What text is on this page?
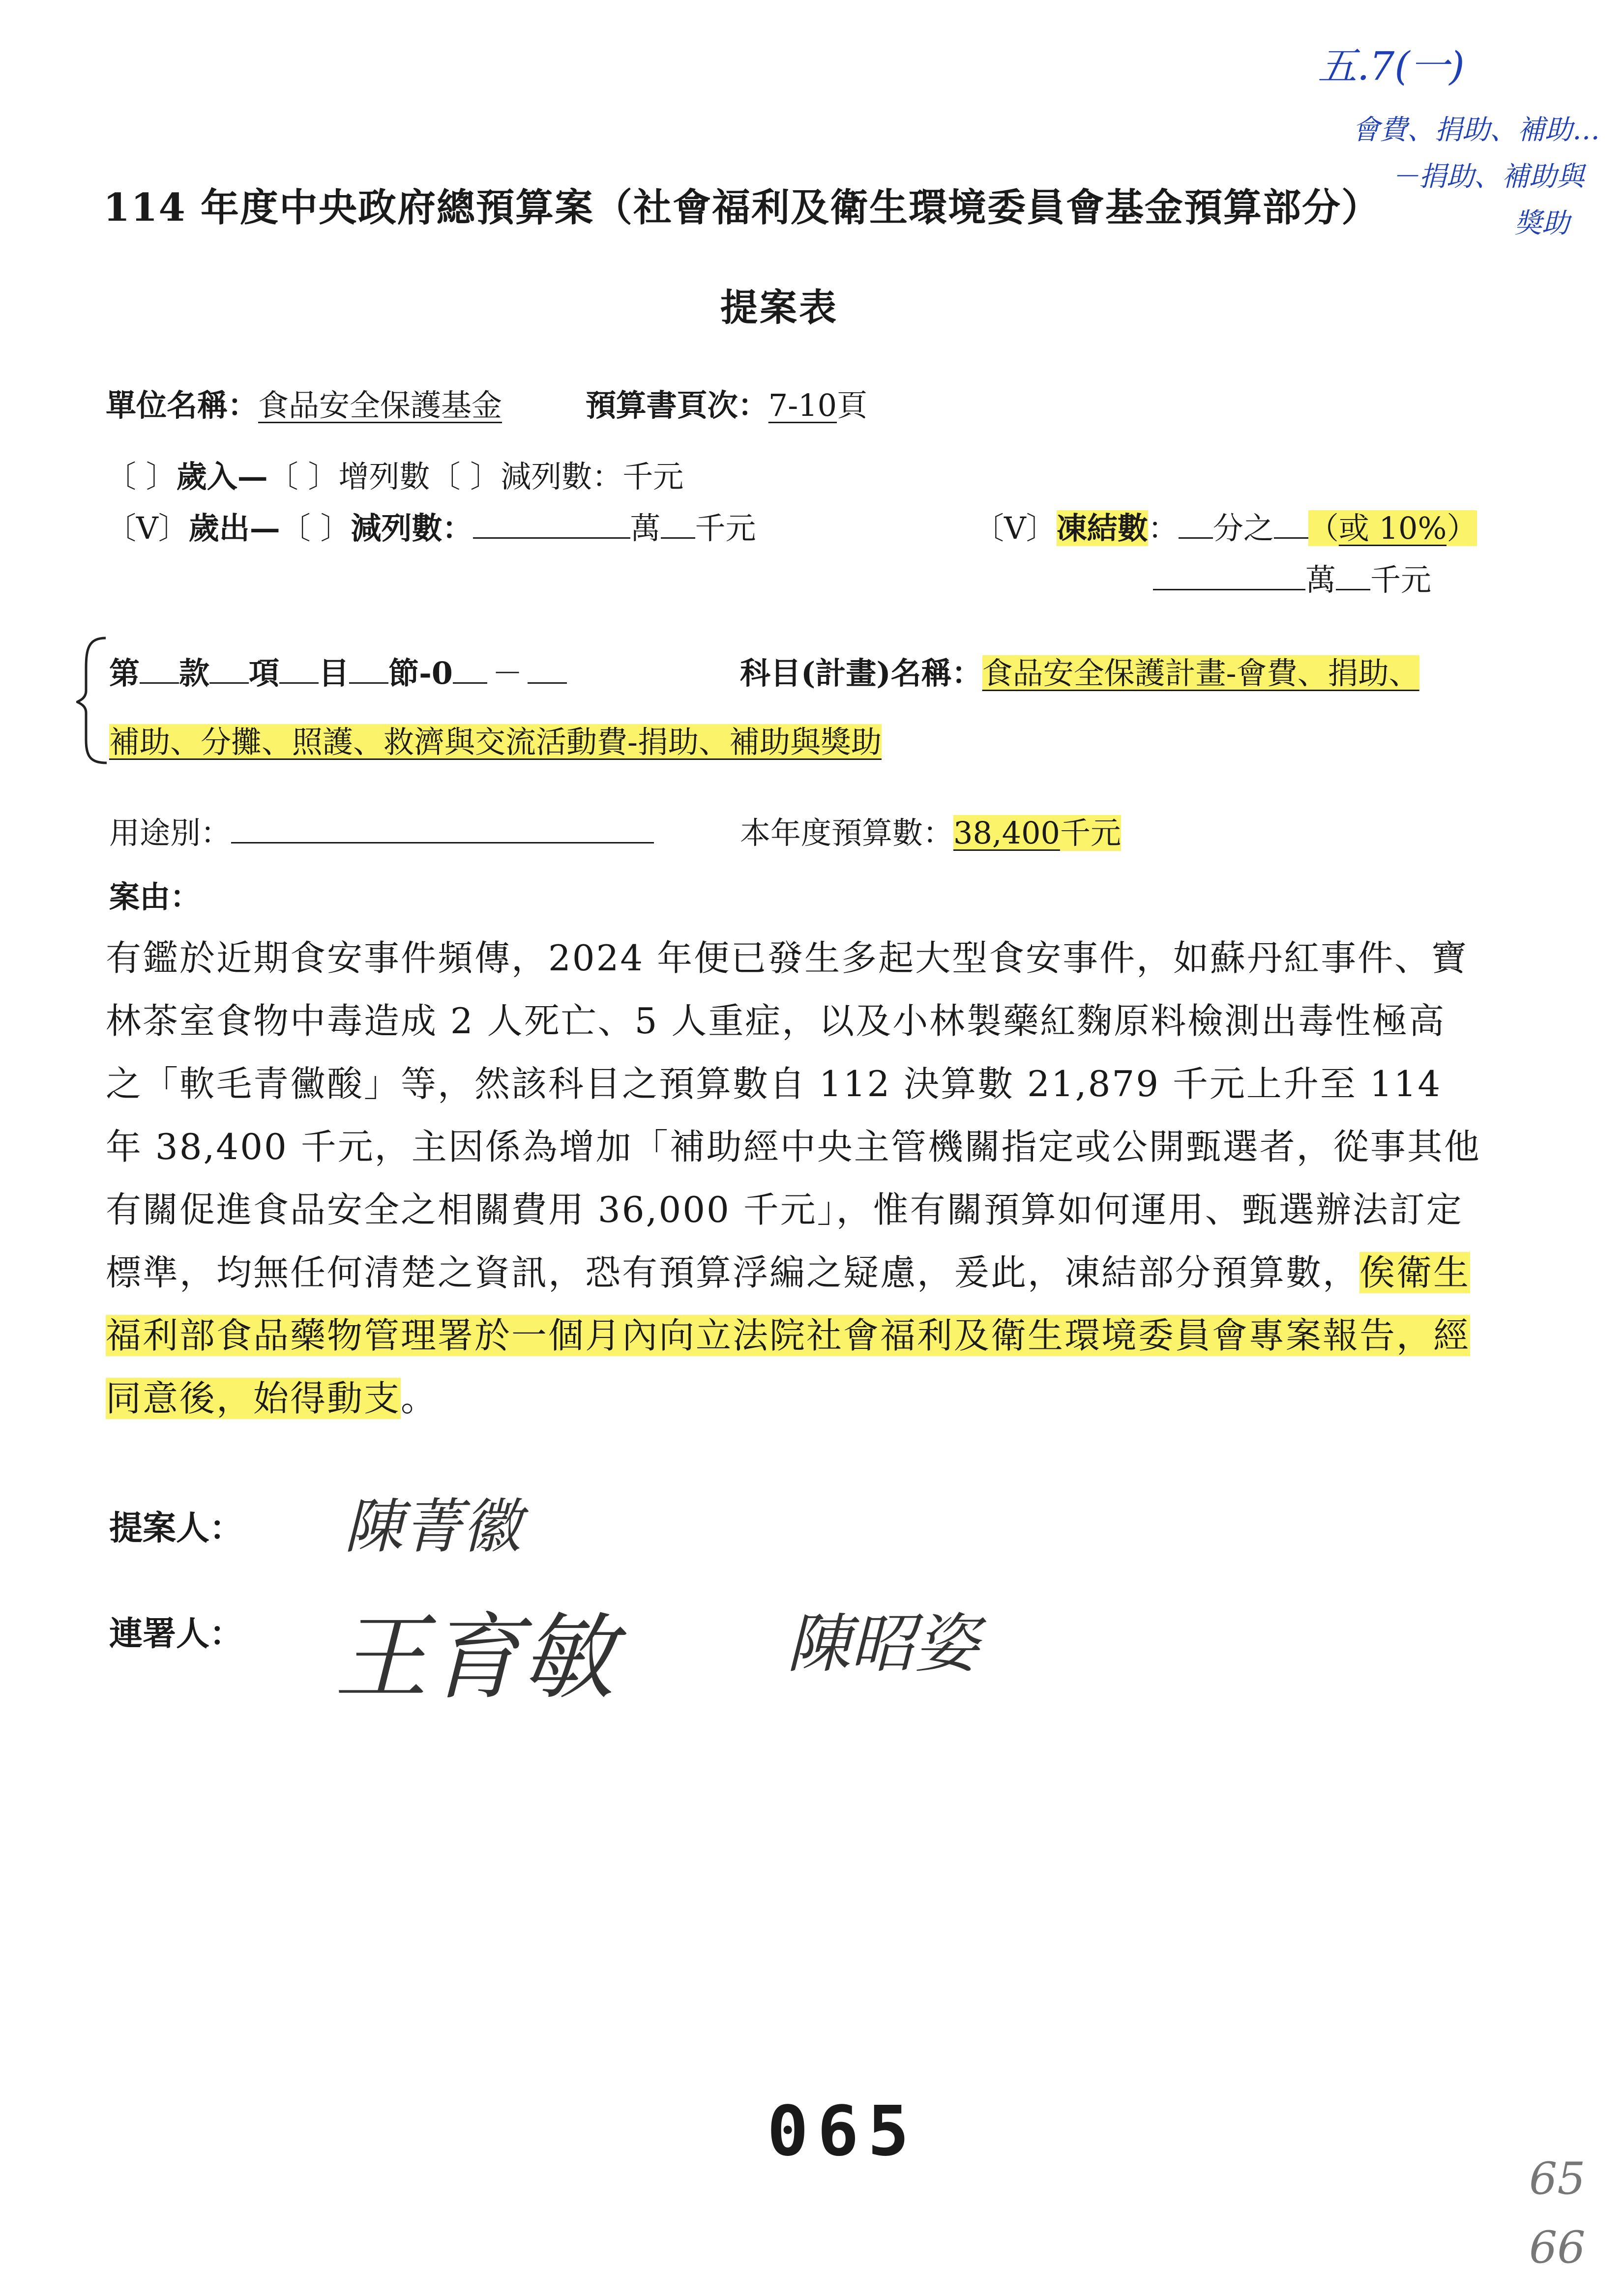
114 年度中央政府總預算案（社會福利及衛生環境委員會基金預算部分）
提案表
五.7(一)
會費、捐助、補助…
－捐助、補助與
獎助
單位名稱：食品安全保護基金	預算書頁次：7-10頁
〔 〕歲入—〔 〕增列數〔 〕減列數：千元
〔V〕歲出—〔 〕減列數：	萬 千元	〔V〕凍結數： 分之 （或 10%）
萬 千元
第 款 項 目 節-0 －	科目(計畫)名稱：食品安全保護計畫-會費、捐助、
補助、分攤、照護、救濟與交流活動費-捐助、補助與獎助
用途別：	本年度預算數：38,400千元
案由：
有鑑於近期食安事件頻傳，2024 年便已發生多起大型食安事件，如蘇丹紅事件、寶林茶室食物中毒造成 2 人死亡、5 人重症，以及小林製藥紅麴原料檢測出毒性極高之「軟毛青黴酸」等，然該科目之預算數自 112 決算數 21,879 千元上升至 114 年 38,400 千元，主因係為增加「補助經中央主管機關指定或公開甄選者，從事其他有關促進食品安全之相關費用 36,000 千元」，惟有關預算如何運用、甄選辦法訂定標準，均無任何清楚之資訊，恐有預算浮編之疑慮，爰此，凍結部分預算數，俟衛生福利部食品藥物管理署於一個月內向立法院社會福利及衛生環境委員會專案報告，經同意後，始得動支。
提案人： 陳菁徽
連署人： 王育敏	陳昭姿
065
65
66
